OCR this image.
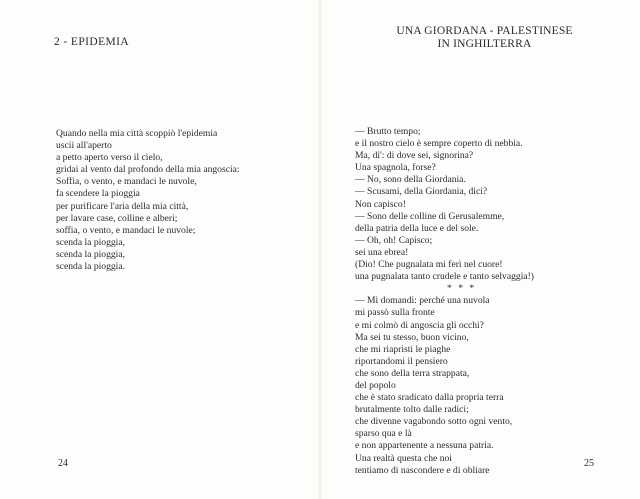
2 - EPIDEMIA
Quando nella mia città scoppiò l'epidemia
uscii all'aperto
a petto aperto verso il cielo,
gridai al vento dal profondo della mia angoscia:
Soffia, o vento, e mandaci le nuvole,
fa scendere la pioggia
per purificare l'aria della mia città,
per lavare case, colline e alberi;
soffia, o vento, e mandaci le nuvole;
scenda la pioggia,
scenda la pioggia,
scenda la pioggia.
24
UNA GIORDANA - PALESTINESE
IN INGHILTERRA
— Brutto tempo;
e il nostro cielo è sempre coperto di nebbia.
Ma, di': di dove sei, signorina?
Una spagnola, forse?
— No, sono della Giordania.
— Scusami, della Giordania, dici?
Non capisco!
— Sono delle colline di Gerusalemme,
della patria della luce e del sole.
— Oh, oh! Capisco;
sei una ebrea!
(Dio! Che pugnalata mi ferì nel cuore!
una pugnalata tanto crudele e tanto selvaggia!)
* * *
— Mi domandi: perché una nuvola
mi passò sulla fronte
e mi colmò di angoscia gli occhi?
Ma sei tu stesso, buon vicino,
che mi riapristi le piaghe
riportandomi il pensiero
che sono della terra strappata,
del popolo
che è stato sradicato dalla propria terra
brutalmente tolto dalle radici;
che divenne vagabondo sotto ogni vento,
sparso qua e là
e non appartenente a nessuna patria.
Una realtà questa che noi
tentiamo di nascondere e di obliare
25
